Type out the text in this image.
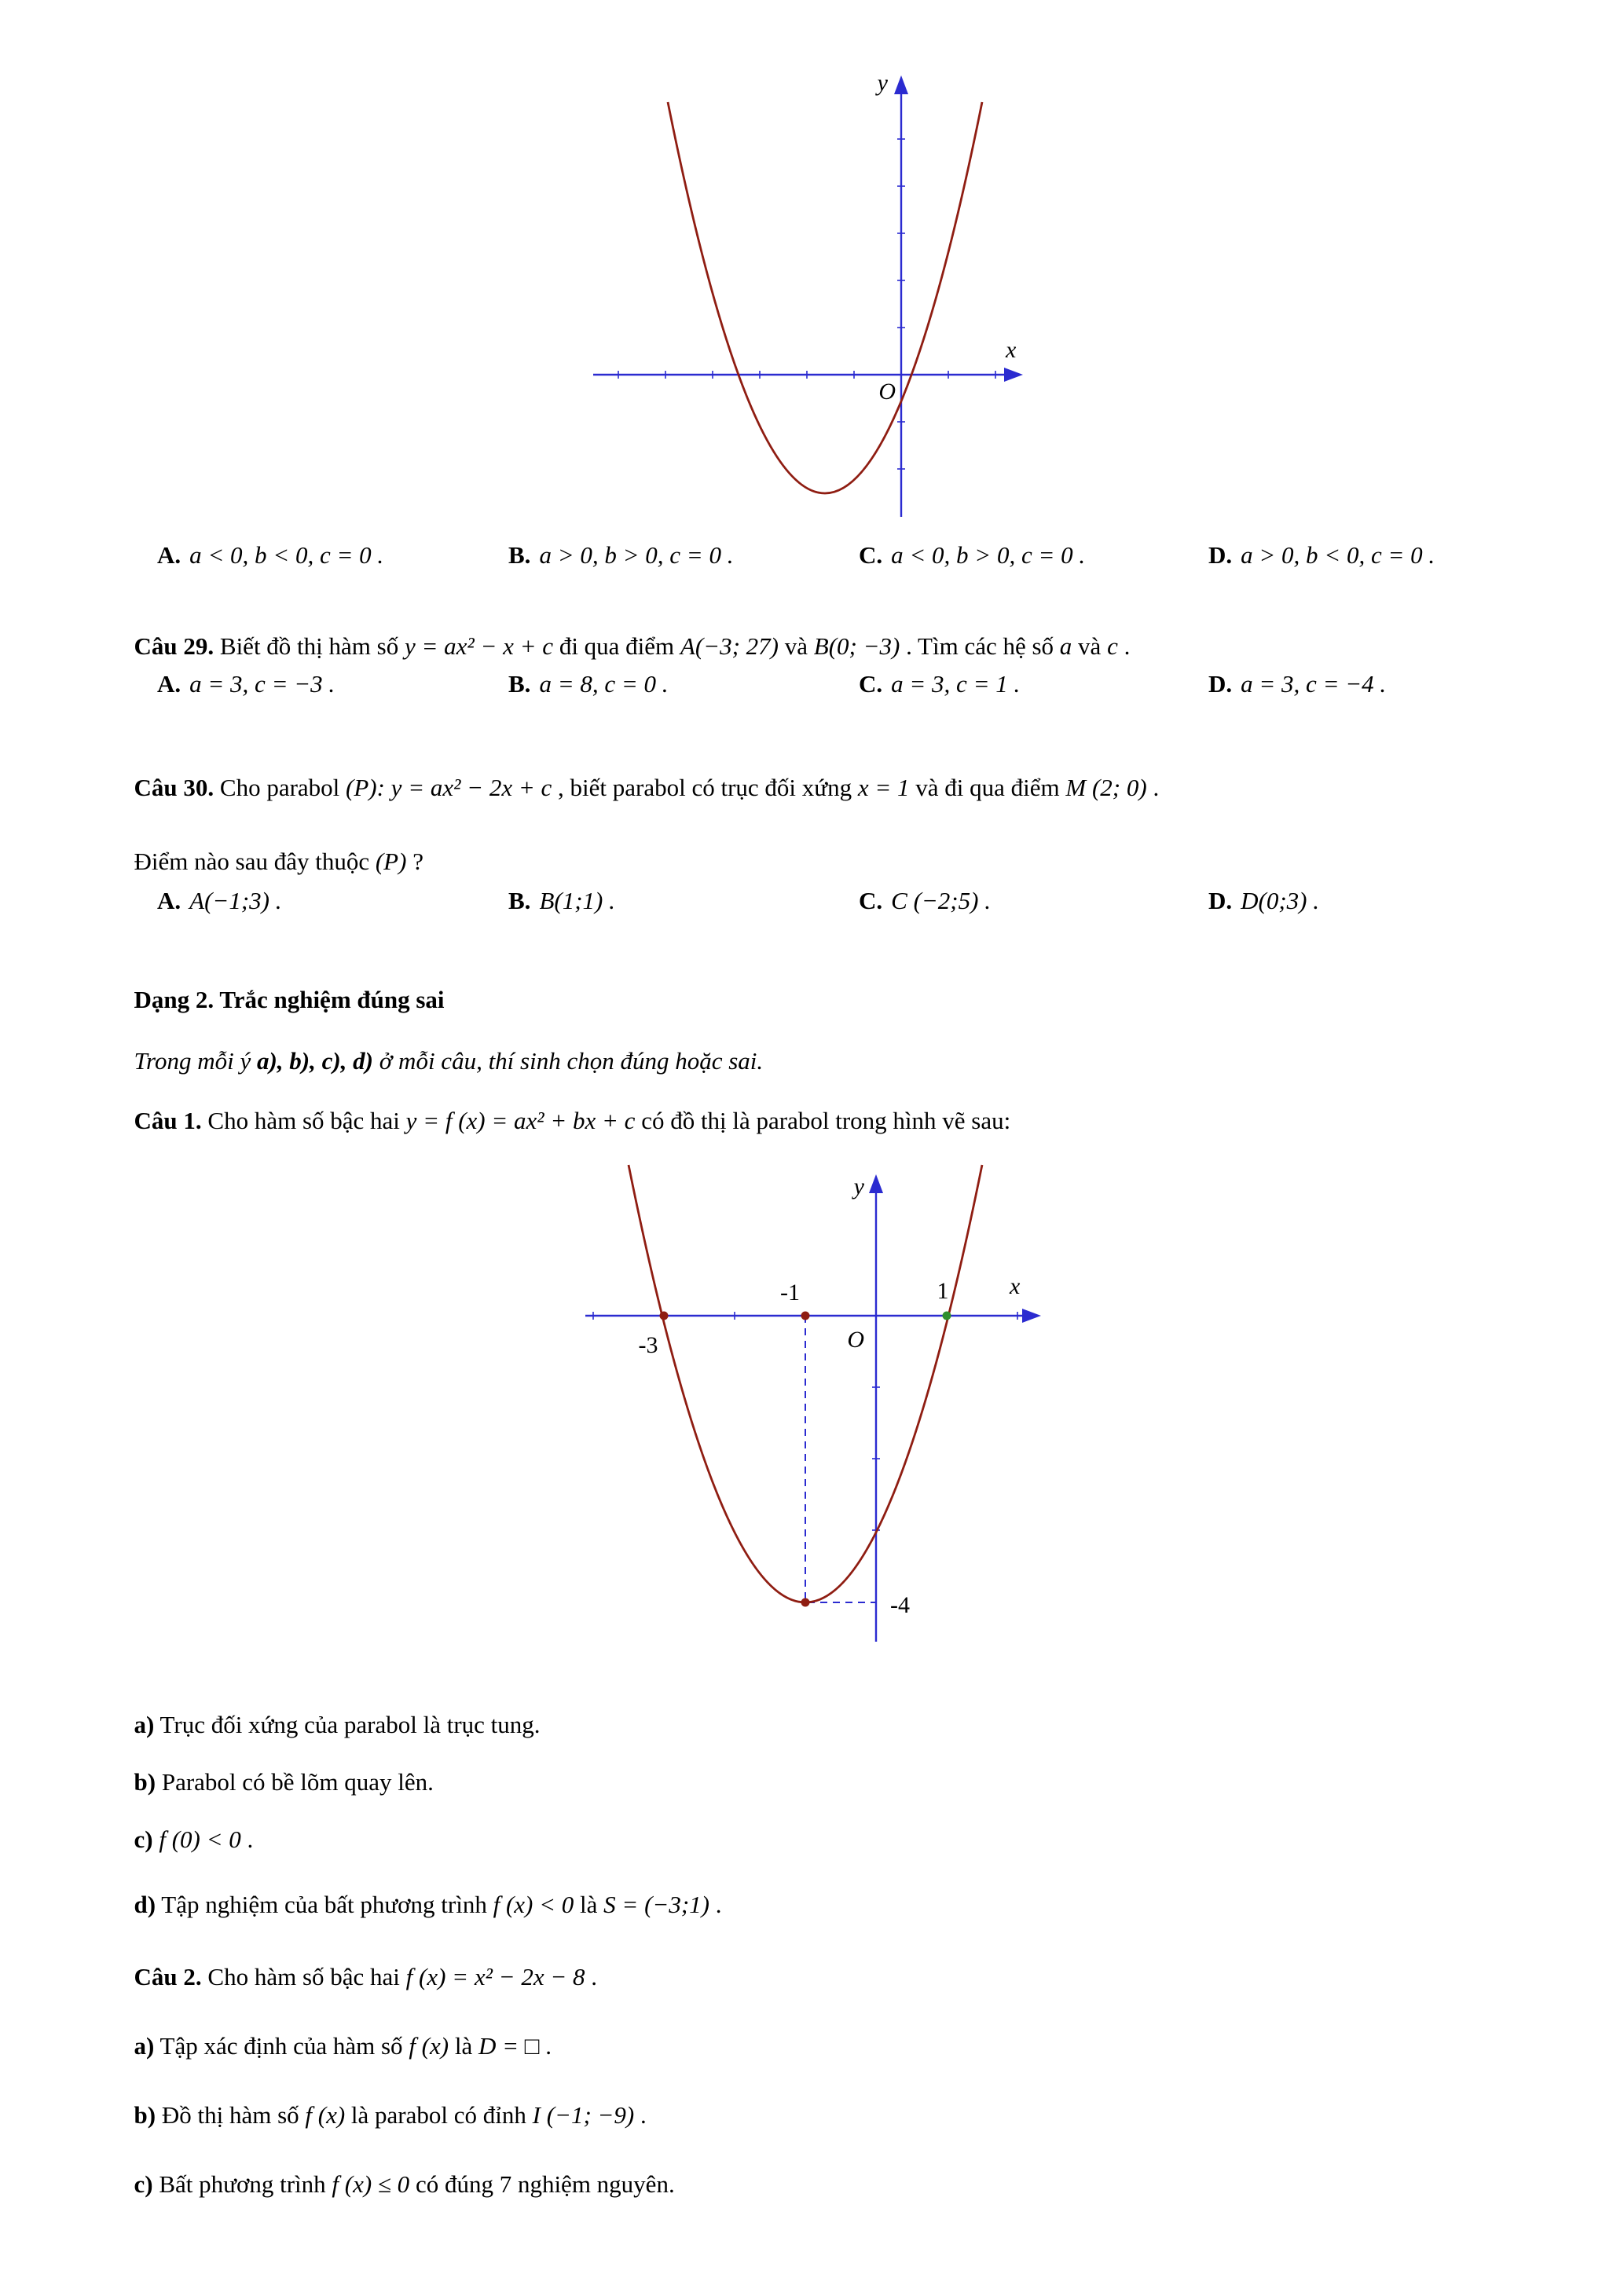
y
x
O
A. a < 0, b < 0, c = 0 .	B. a > 0, b > 0, c = 0 .	C. a < 0, b > 0, c = 0 .	D. a > 0, b < 0, c = 0 .

Câu 29. Biết đồ thị hàm số y = ax² − x + c đi qua điểm A(−3; 27) và B(0; −3) . Tìm các hệ số a và c .

A. a = 3, c = −3 .	B. a = 8, c = 0 .	C. a = 3, c = 1 .	D. a = 3, c = −4 .

Câu 30. Cho parabol (P): y = ax² − 2x + c , biết parabol có trục đối xứng x = 1 và đi qua điểm M (2; 0) .

Điểm nào sau đây thuộc (P) ?

A. A(−1;3) .	B. B(1;1) .	C. C (−2;5) .	D. D(0;3) .

Dạng 2. Trắc nghiệm đúng sai

Trong mỗi ý a), b), c), d) ở mỗi câu, thí sinh chọn đúng hoặc sai.

Câu 1. Cho hàm số bậc hai y = f (x) = ax² + bx + c có đồ thị là parabol trong hình vẽ sau:

y
x
-1	1
-3	O
-4

a) Trục đối xứng của parabol là trục tung.

b) Parabol có bề lõm quay lên.

c) f (0) < 0 .

d) Tập nghiệm của bất phương trình f (x) < 0 là S = (−3;1) .

Câu 2. Cho hàm số bậc hai f (x) = x² − 2x − 8 .

a) Tập xác định của hàm số f (x) là D = □ .

b) Đồ thị hàm số f (x) là parabol có đỉnh I (−1; −9) .

c) Bất phương trình f (x) ≤ 0 có đúng 7 nghiệm nguyên.
